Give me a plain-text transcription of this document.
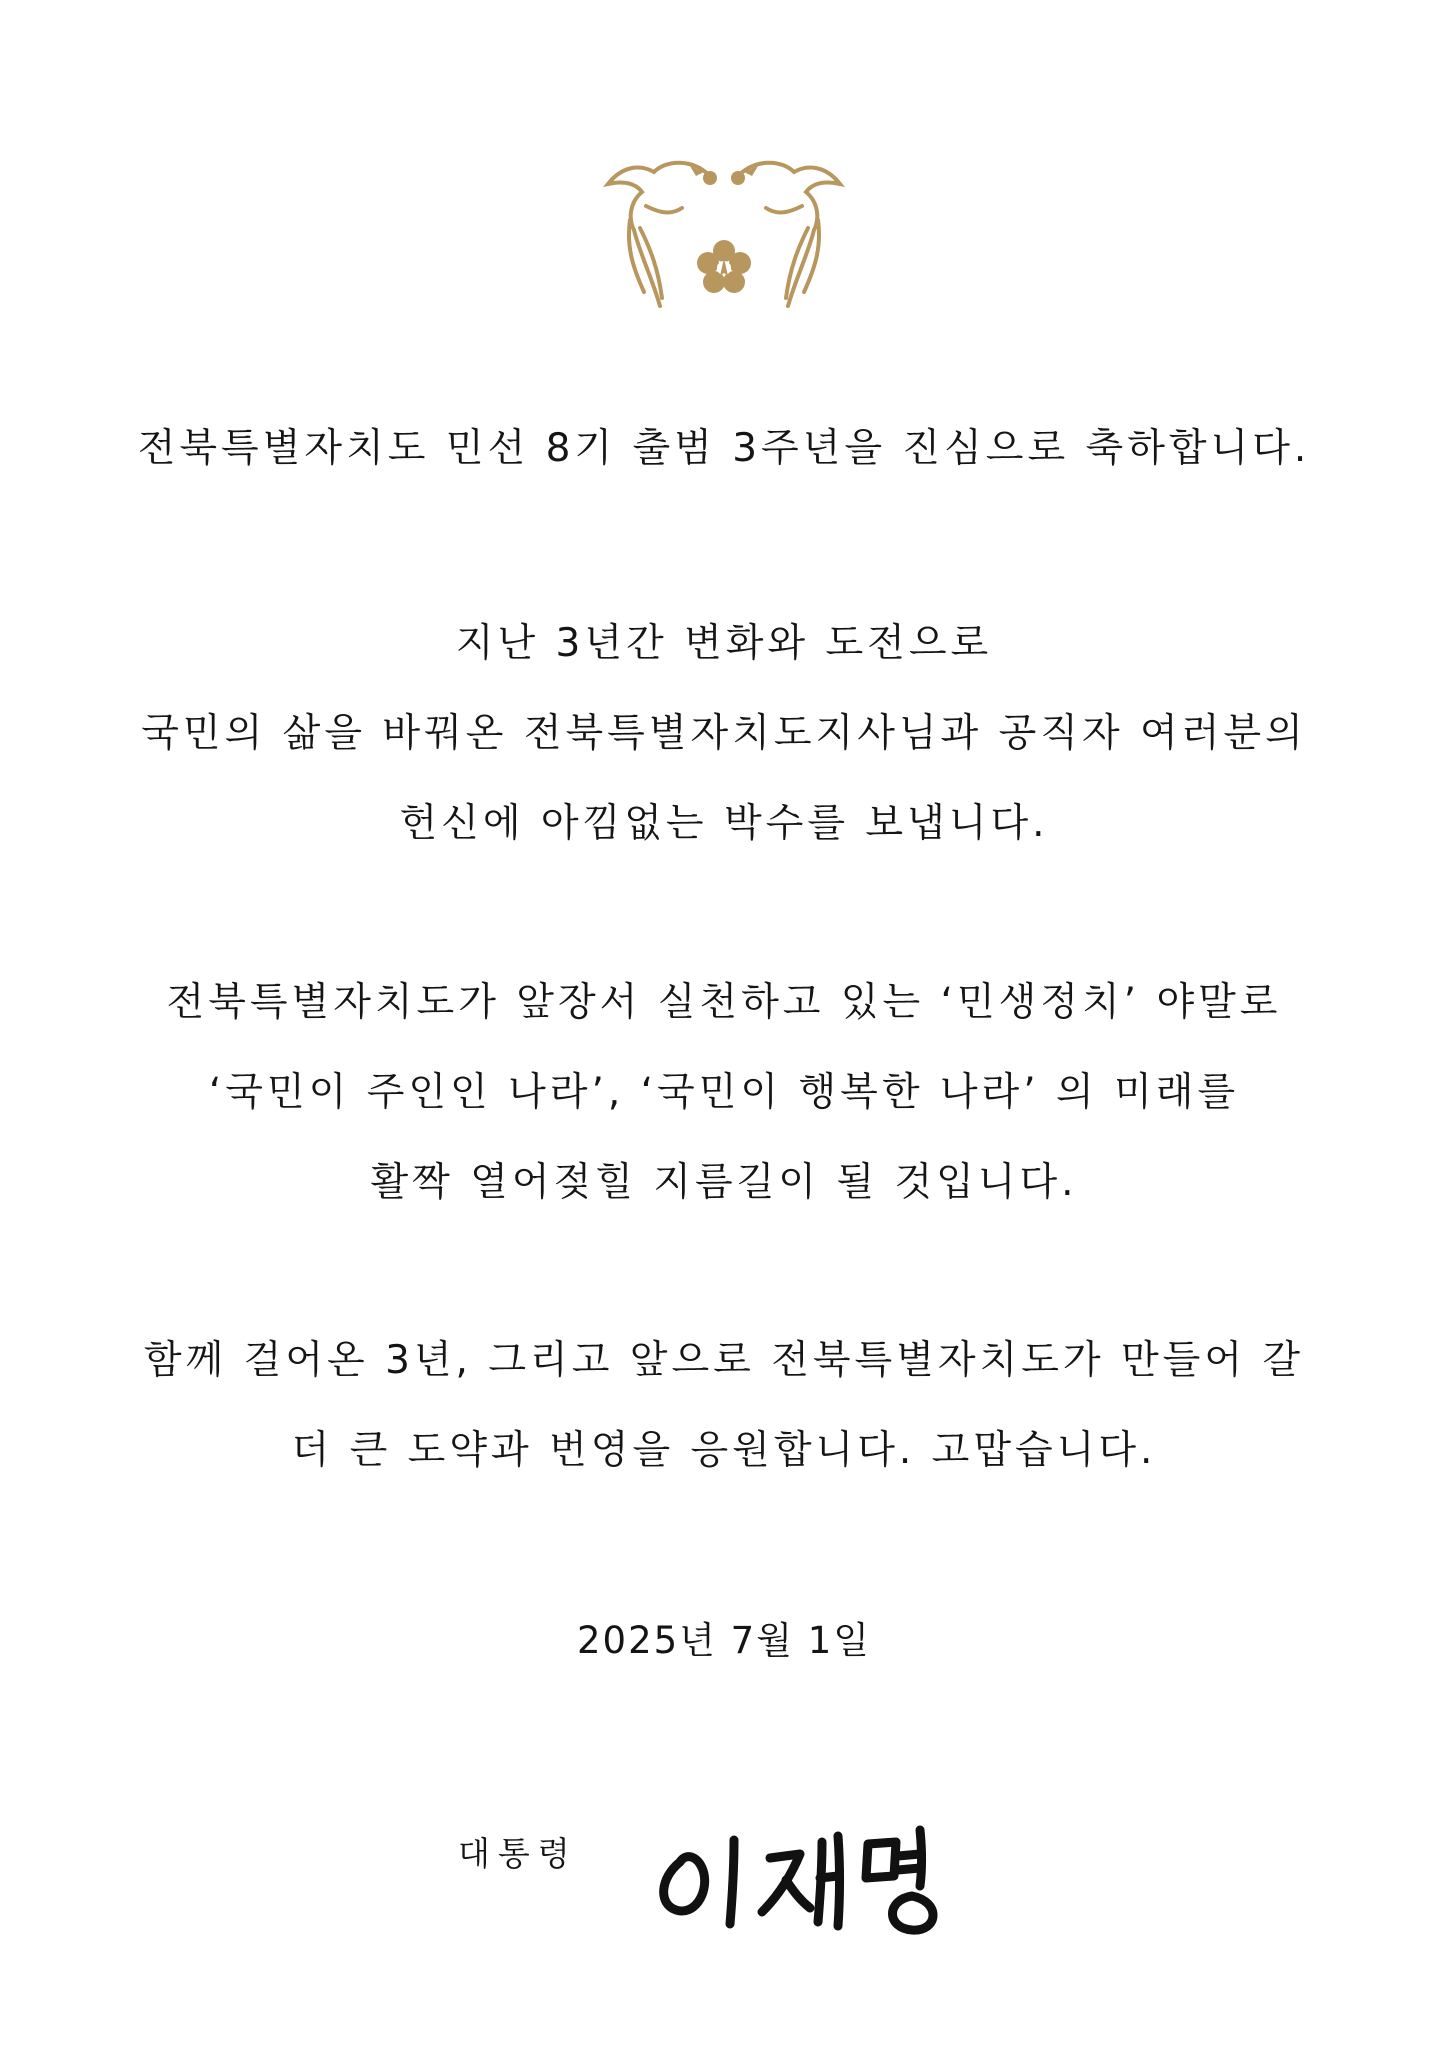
전북특별자치도 민선 8기 출범 3주년을 진심으로 축하합니다.
지난 3년간 변화와 도전으로
국민의 삶을 바꿔온 전북특별자치도지사님과 공직자 여러분의
헌신에 아낌없는 박수를 보냅니다.
전북특별자치도가 앞장서 실천하고 있는 ‘민생정치’ 야말로
‘국민이 주인인 나라’, ‘국민이 행복한 나라’ 의 미래를
활짝 열어젖힐 지름길이 될 것입니다.
함께 걸어온 3년, 그리고 앞으로 전북특별자치도가 만들어 갈
더 큰 도약과 번영을 응원합니다. 고맙습니다.
2025년 7월 1일
대통령
